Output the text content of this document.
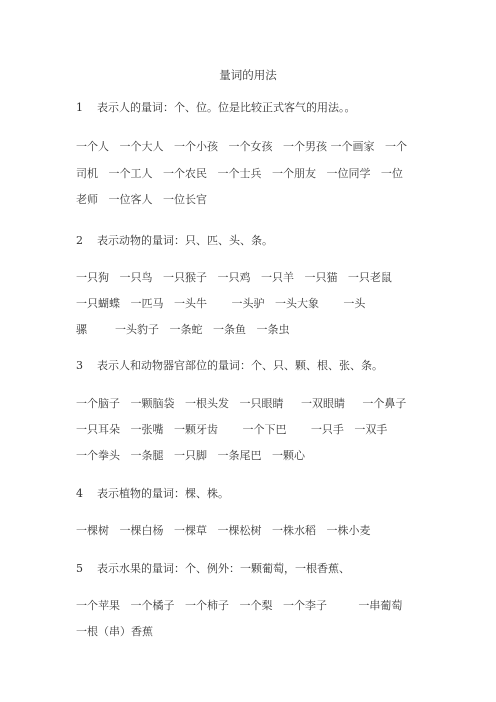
量词的用法
1    表示人的量词：个、位。位是比较正式客气的用法。。
一个人   一个大人   一个小孩   一个女孩   一个男孩 一个画家   一个
司机   一个工人   一个农民   一个士兵   一个朋友   一位同学   一位
老师   一位客人   一位长官
2    表示动物的量词：只、匹、头、条。
一只狗   一只鸟   一只猴子   一只鸡   一只羊   一只猫   一只老鼠
一只蝴蝶   一匹马   一头牛       一头驴   一头大象       一头
骡        一头豹子   一条蛇   一条鱼   一条虫
3    表示人和动物器官部位的量词：个、只、颗、根、张、条。
一个脑子   一颗脑袋   一根头发   一只眼睛     一双眼睛     一个鼻子
一只耳朵   一张嘴   一颗牙齿       一个下巴       一只手   一双手
一个拳头   一条腿   一只脚   一条尾巴   一颗心
4    表示植物的量词：棵、株。
一棵树   一棵白杨   一棵草   一棵松树   一株水稻   一株小麦
5    表示水果的量词：个、例外：一颗葡萄，一根香蕉、
一个苹果   一个橘子   一个柿子   一个梨   一个李子         一串葡萄
一根（串）香蕉
